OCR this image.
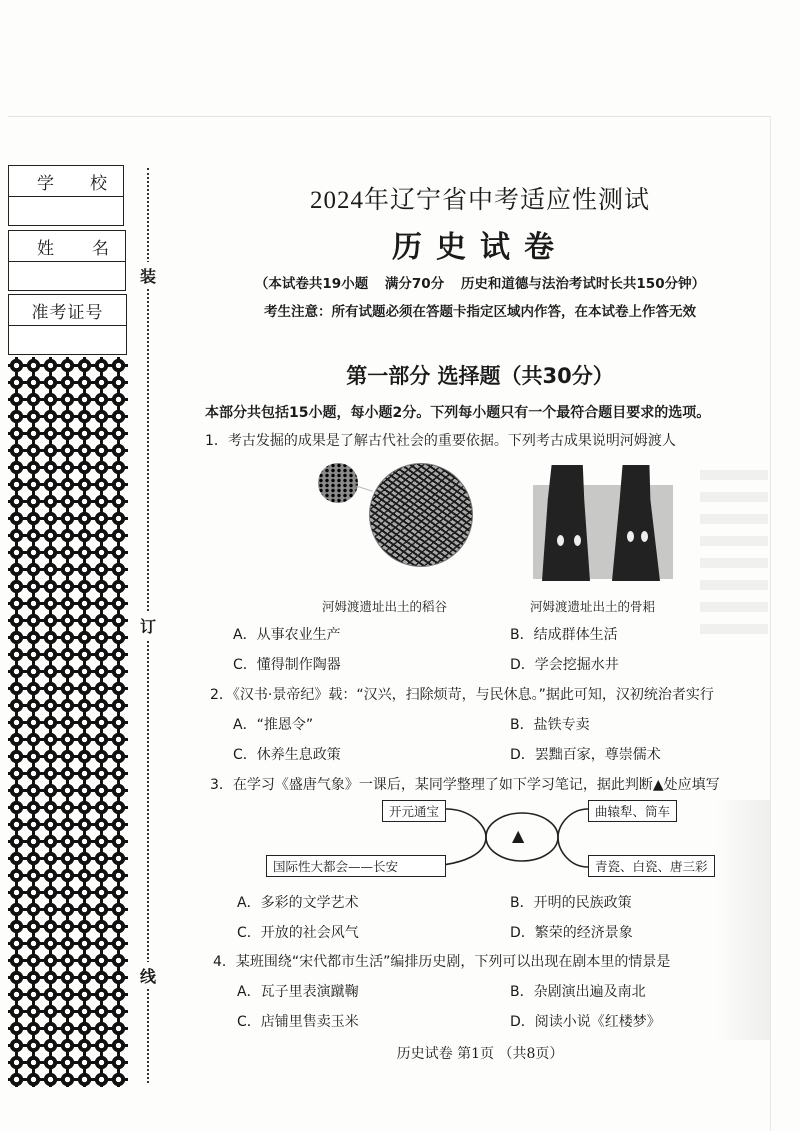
学 校
姓 名
准考证号
装
订
线
2024年辽宁省中考适应性测试
历史试卷
（本试卷共19小题 满分70分 历史和道德与法治考试时长共150分钟）
考生注意：所有试题必须在答题卡指定区域内作答，在本试卷上作答无效
第一部分 选择题（共30分）
本部分共包括15小题，每小题2分。下列每小题只有一个最符合题目要求的选项。
1．考古发掘的成果是了解古代社会的重要依据。下列考古成果说明河姆渡人
河姆渡遗址出土的稻谷	河姆渡遗址出土的骨耜
A．从事农业生产	B．结成群体生活
C．懂得制作陶器	D．学会挖掘水井
2．《汉书·景帝纪》载：“汉兴，扫除烦苛，与民休息。”据此可知，汉初统治者实行
A．“推恩令”	B．盐铁专卖
C．休养生息政策	D．罢黜百家，尊崇儒术
3．在学习《盛唐气象》一课后，某同学整理了如下学习笔记，据此判断▲处应填写
开元通宝
国际性大都会——长安
曲辕犁、筒车
青瓷、白瓷、唐三彩
▲
A．多彩的文学艺术	B．开明的民族政策
C．开放的社会风气	D．繁荣的经济景象
4．某班围绕“宋代都市生活”编排历史剧，下列可以出现在剧本里的情景是
A．瓦子里表演蹴鞠	B．杂剧演出遍及南北
C．店铺里售卖玉米	D．阅读小说《红楼梦》
历史试卷 第1页 （共8页）
